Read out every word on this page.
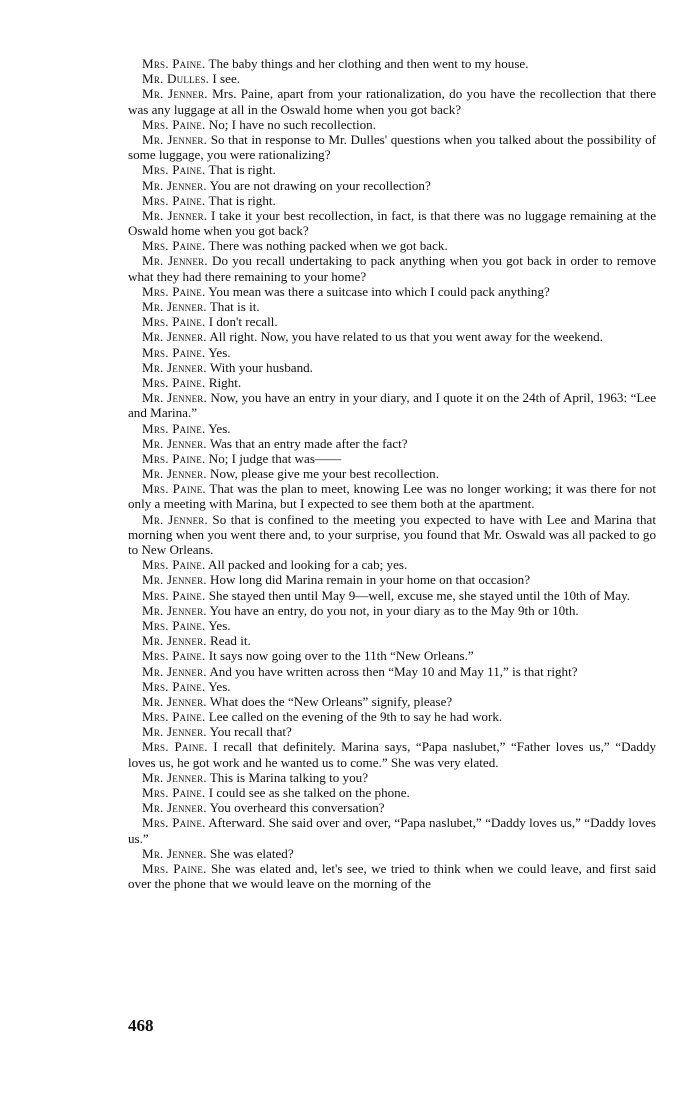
Mrs. Paine. The baby things and her clothing and then went to my house.

Mr. Dulles. I see.

Mr. Jenner. Mrs. Paine, apart from your rationalization, do you have the recollection that there was any luggage at all in the Oswald home when you got back?

Mrs. Paine. No; I have no such recollection.

Mr. Jenner. So that in response to Mr. Dulles' questions when you talked about the possibility of some luggage, you were rationalizing?

Mrs. Paine. That is right.

Mr. Jenner. You are not drawing on your recollection?

Mrs. Paine. That is right.

Mr. Jenner. I take it your best recollection, in fact, is that there was no luggage remaining at the Oswald home when you got back?

Mrs. Paine. There was nothing packed when we got back.

Mr. Jenner. Do you recall undertaking to pack anything when you got back in order to remove what they had there remaining to your home?

Mrs. Paine. You mean was there a suitcase into which I could pack anything?

Mr. Jenner. That is it.

Mrs. Paine. I don't recall.

Mr. Jenner. All right. Now, you have related to us that you went away for the weekend.

Mrs. Paine. Yes.

Mr. Jenner. With your husband.

Mrs. Paine. Right.

Mr. Jenner. Now, you have an entry in your diary, and I quote it on the 24th of April, 1963: “Lee and Marina.”

Mrs. Paine. Yes.

Mr. Jenner. Was that an entry made after the fact?

Mrs. Paine. No; I judge that was——

Mr. Jenner. Now, please give me your best recollection.

Mrs. Paine. That was the plan to meet, knowing Lee was no longer working; it was there for not only a meeting with Marina, but I expected to see them both at the apartment.

Mr. Jenner. So that is confined to the meeting you expected to have with Lee and Marina that morning when you went there and, to your surprise, you found that Mr. Oswald was all packed to go to New Orleans.

Mrs. Paine. All packed and looking for a cab; yes.

Mr. Jenner. How long did Marina remain in your home on that occasion?

Mrs. Paine. She stayed then until May 9—well, excuse me, she stayed until the 10th of May.

Mr. Jenner. You have an entry, do you not, in your diary as to the May 9th or 10th.

Mrs. Paine. Yes.

Mr. Jenner. Read it.

Mrs. Paine. It says now going over to the 11th “New Orleans.”

Mr. Jenner. And you have written across then “May 10 and May 11,” is that right?

Mrs. Paine. Yes.

Mr. Jenner. What does the “New Orleans” signify, please?

Mrs. Paine. Lee called on the evening of the 9th to say he had work.

Mr. Jenner. You recall that?

Mrs. Paine. I recall that definitely. Marina says, “Papa naslubet,” “Father loves us,” “Daddy loves us, he got work and he wanted us to come.” She was very elated.

Mr. Jenner. This is Marina talking to you?

Mrs. Paine. I could see as she talked on the phone.

Mr. Jenner. You overheard this conversation?

Mrs. Paine. Afterward. She said over and over, “Papa naslubet,” “Daddy loves us,” “Daddy loves us.”

Mr. Jenner. She was elated?

Mrs. Paine. She was elated and, let's see, we tried to think when we could leave, and first said over the phone that we would leave on the morning of the

468
